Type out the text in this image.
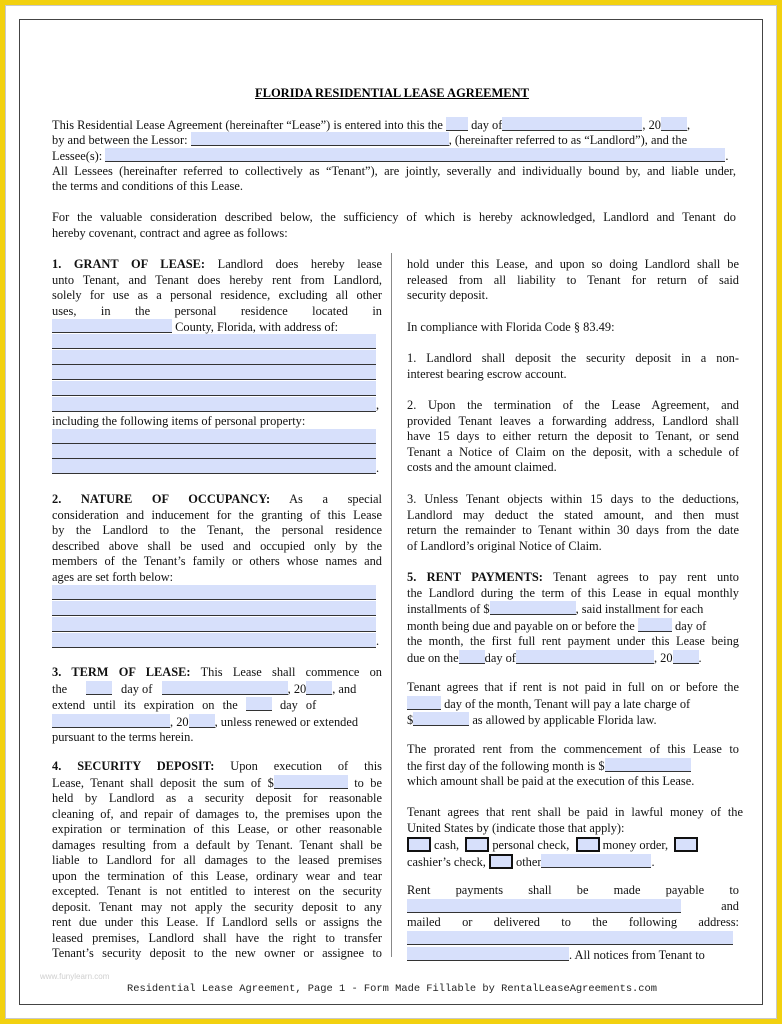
FLORIDA RESIDENTIAL LEASE AGREEMENT
This Residential Lease Agreement (hereinafter “Lease”) is entered into this the day of	, 20 ,
by and between the Lessor:	, (hereinafter referred to as “Landlord”), and the
Lessee(s):	.
All Lessees (hereinafter referred to collectively as “Tenant”), are jointly, severally and individually bound by, and liable under,
the terms and conditions of this Lease.
For the valuable consideration described below, the sufficiency of which is hereby acknowledged, Landlord and Tenant do
hereby covenant, contract and agree as follows:
1. GRANT OF LEASE: Landlord does hereby lease
unto Tenant, and Tenant does hereby rent from Landlord,
solely for use as a personal residence, excluding all other
uses, in the personal residence located in
County, Florida, with address of:
,
including the following items of personal property:
.
2. NATURE OF OCCUPANCY: As a special
consideration and inducement for the granting of this Lease
by the Landlord to the Tenant, the personal residence
described above shall be used and occupied only by the
members of the Tenant’s family or others whose names and
ages are set forth below:
.
3. TERM OF LEASE: This Lease shall commence on
the	day of	, 20 , and
extend until its expiration on the	day of
, 20 , unless renewed or extended
pursuant to the terms herein.
4. SECURITY DEPOSIT: Upon execution of this
Lease, Tenant shall deposit the sum of $	to be
held by Landlord as a security deposit for reasonable
cleaning of, and repair of damages to, the premises upon the
expiration or termination of this Lease, or other reasonable
damages resulting from a default by Tenant. Tenant shall be
liable to Landlord for all damages to the leased premises
upon the termination of this Lease, ordinary wear and tear
excepted. Tenant is not entitled to interest on the security
deposit. Tenant may not apply the security deposit to any
rent due under this Lease. If Landlord sells or assigns the
leased premises, Landlord shall have the right to transfer
Tenant’s security deposit to the new owner or assignee to
hold under this Lease, and upon so doing Landlord shall be
released from all liability to Tenant for return of said
security deposit.
In compliance with Florida Code § 83.49:
1. Landlord shall deposit the security deposit in a non-
interest bearing escrow account.
2. Upon the termination of the Lease Agreement, and
provided Tenant leaves a forwarding address, Landlord shall
have 15 days to either return the deposit to Tenant, or send
Tenant a Notice of Claim on the deposit, with a schedule of
costs and the amount claimed.
3. Unless Tenant objects within 15 days to the deductions,
Landlord may deduct the stated amount, and then must
return the remainder to Tenant within 30 days from the date
of Landlord’s original Notice of Claim.
5. RENT PAYMENTS: Tenant agrees to pay rent unto
the Landlord during the term of this Lease in equal monthly
installments of $	, said installment for each
month being due and payable on or before the	day of
the month, the first full rent payment under this Lease being
due on the day of	, 20 .
Tenant agrees that if rent is not paid in full on or before the
day of the month, Tenant will pay a late charge of
$	as allowed by applicable Florida law.
The prorated rent from the commencement of this Lease to
the first day of the following month is $
which amount shall be paid at the execution of this Lease.
Tenant agrees that rent shall be paid in lawful money of the
United States by (indicate those that apply):
cash,	personal check,	money order,
cashier’s check, other	.
Rent payments shall be made payable to
and
mailed or delivered to the following address:
. All notices from Tenant to
www.funylearn.com
Residential Lease Agreement, Page 1 - Form Made Fillable by RentalLeaseAgreements.com
